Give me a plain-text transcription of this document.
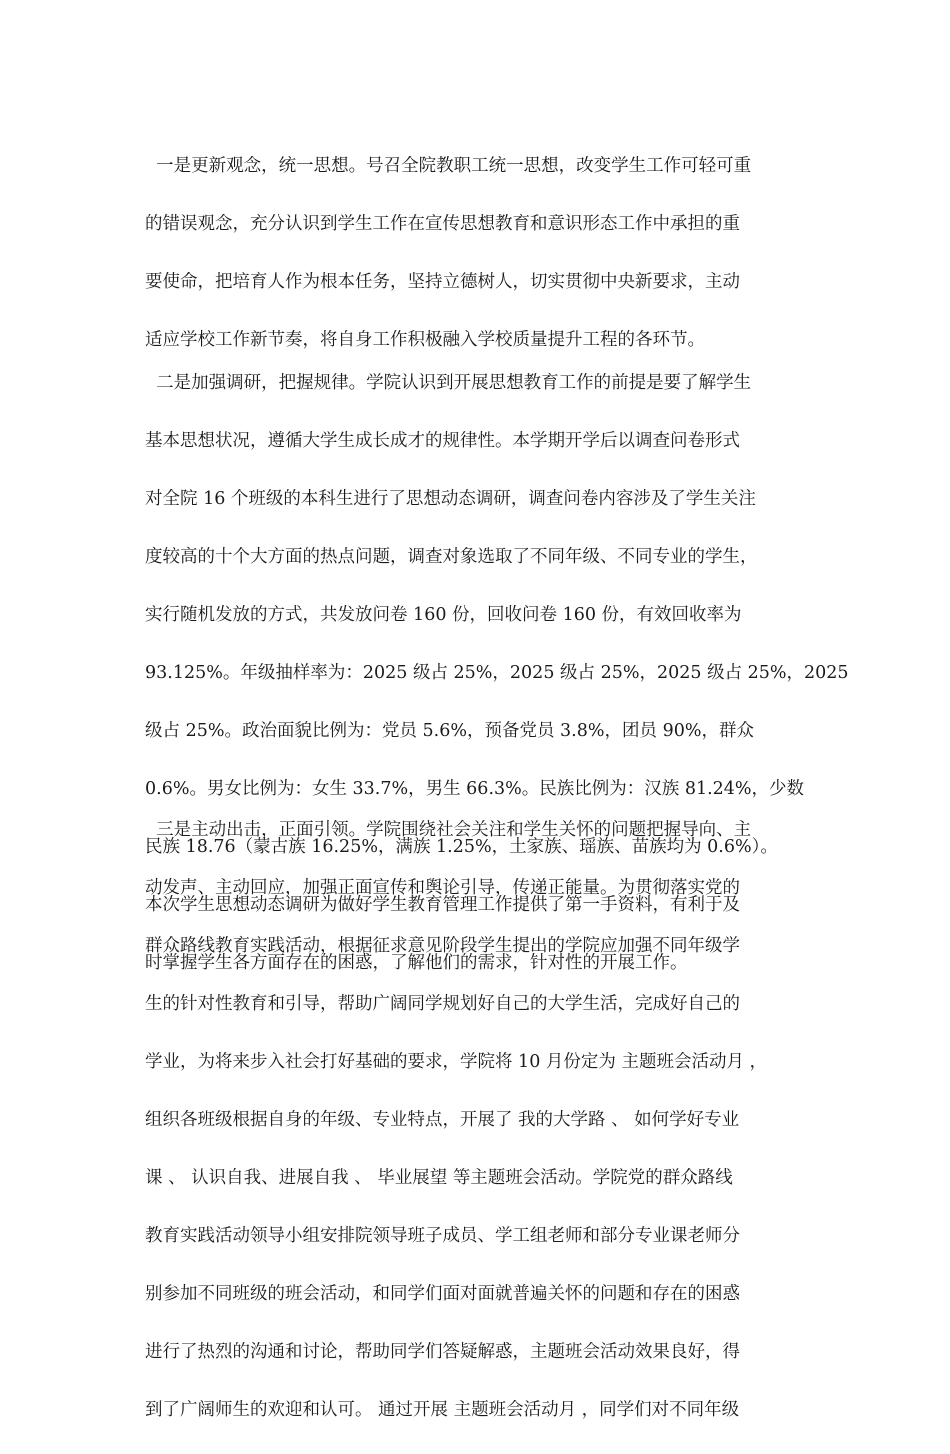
一是更新观念，统一思想。号召全院教职工统一思想，改变学生工作可轻可重

的错误观念，充分认识到学生工作在宣传思想教育和意识形态工作中承担的重

要使命，把培育人作为根本任务，坚持立德树人，切实贯彻中央新要求，主动

适应学校工作新节奏，将自身工作积极融入学校质量提升工程的各环节。

二是加强调研，把握规律。学院认识到开展思想教育工作的前提是要了解学生

基本思想状况，遵循大学生成长成才的规律性。本学期开学后以调查问卷形式

对全院 16 个班级的本科生进行了思想动态调研，调查问卷内容涉及了学生关注

度较高的十个大方面的热点问题，调查对象选取了不同年级、不同专业的学生，

实行随机发放的方式，共发放问卷 160 份，回收问卷 160 份，有效回收率为

93.125%。年级抽样率为：2025 级占 25%，2025 级占 25%，2025 级占 25%，2025

级占 25%。政治面貌比例为：党员 5.6%，预备党员 3.8%，团员 90%，群众

0.6%。男女比例为：女生 33.7%，男生 66.3%。民族比例为：汉族 81.24%，少数

民族 18.76（蒙古族 16.25%，满族 1.25%，土家族、瑶族、苗族均为 0.6%）。

本次学生思想动态调研为做好学生教育管理工作提供了第一手资料，有利于及

时掌握学生各方面存在的困惑，了解他们的需求，针对性的开展工作。

三是主动出击，正面引领。学院围绕社会关注和学生关怀的问题把握导向、主

动发声、主动回应，加强正面宣传和舆论引导，传递正能量。为贯彻落实党的

群众路线教育实践活动，根据征求意见阶段学生提出的学院应加强不同年级学

生的针对性教育和引导，帮助广阔同学规划好自己的大学生活，完成好自己的

学业，为将来步入社会打好基础的要求，学院将 10 月份定为 主题班会活动月 ，

组织各班级根据自身的年级、专业特点，开展了 我的大学路 、 如何学好专业

课 、 认识自我、进展自我 、 毕业展望 等主题班会活动。学院党的群众路线

教育实践活动领导小组安排院领导班子成员、学工组老师和部分专业课老师分

别参加不同班级的班会活动，和同学们面对面就普遍关怀的问题和存在的困惑

进行了热烈的沟通和讨论，帮助同学们答疑解惑，主题班会活动效果良好，得

到了广阔师生的欢迎和认可。 通过开展 主题班会活动月 ，同学们对不同年级
